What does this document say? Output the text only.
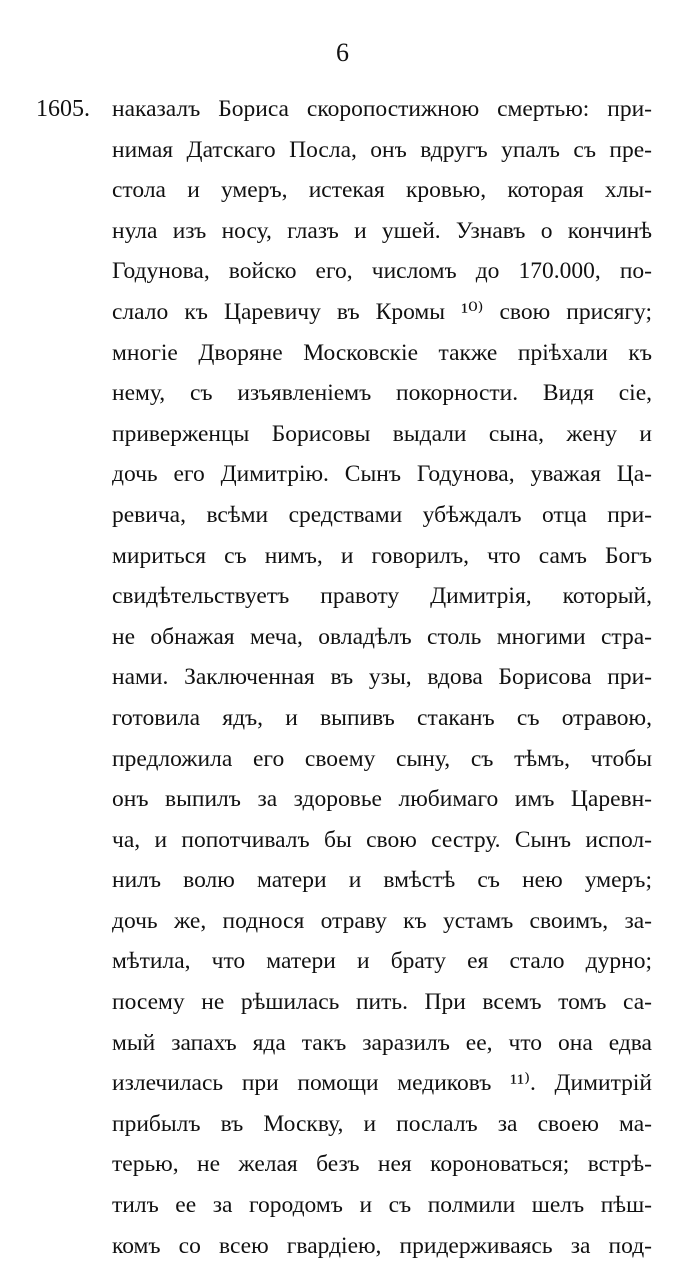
6
1605. наказалъ Бориса скоропостижною смертью: при-
нимая Датскаго Посла, онъ вдругъ упалъ съ пре-
стола и умеръ, истекая кровью, которая хлы-
нула изъ носу, глазъ и ушей. Узнавъ о кончинѣ
Годунова, войско его, числомъ до 170.000, по-
слало къ Царевичу въ Кромы ¹⁰⁾ свою присягу;
многіе Дворяне Московскіе также пріѣхали къ
нему, съ изъявленіемъ покорности. Видя сіе,
приверженцы Борисовы выдали сына, жену и
дочь его Димитрію. Сынъ Годунова, уважая Ца-
ревича, всѣми средствами убѣждалъ отца при-
мириться съ нимъ, и говорилъ, что самъ Богъ
свидѣтельствуетъ правоту Димитрія, который,
не обнажая меча, овладѣлъ столь многими стра-
нами. Заключенная въ узы, вдова Борисова при-
готовила ядъ, и выпивъ стаканъ съ отравою,
предложила его своему сыну, съ тѣмъ, чтобы
онъ выпилъ за здоровье любимаго имъ Царевн-
ча, и попотчивалъ бы свою сестру. Сынъ испол-
нилъ волю матери и вмѣстѣ съ нею умеръ;
дочь же, поднося отраву къ устамъ своимъ, за-
мѣтила, что матери и брату ея стало дурно;
посему не рѣшилась пить. При всемъ томъ са-
мый запахъ яда такъ заразилъ ее, что она едва
излечилась при помощи медиковъ ¹¹⁾. Димитрій
прибылъ въ Москву, и послалъ за своею ма-
терью, не желая безъ нея короноваться; встрѣ-
тилъ ее за городомъ и съ полмили шелъ пѣш-
комъ со всею гвардіею, придерживаясь за под-
